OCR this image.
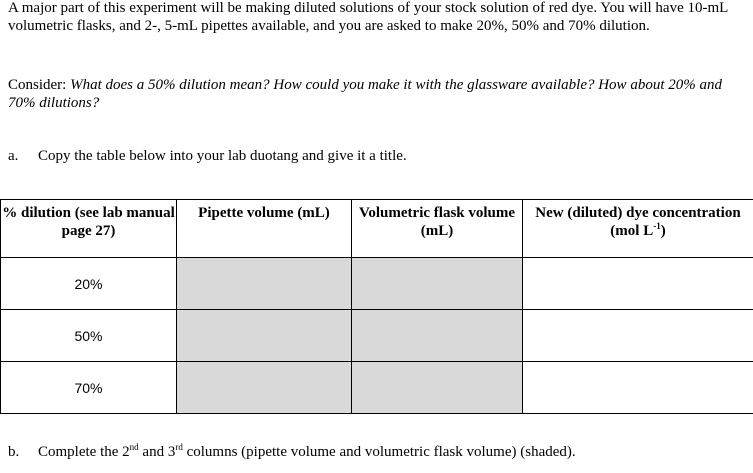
A major part of this experiment will be making diluted solutions of your stock solution of red dye. You will have 10-mL volumetric flasks, and 2-, 5-mL pipettes available, and you are asked to make 20%, 50% and 70% dilution.
Consider: What does a 50% dilution mean? How could you make it with the glassware available? How about 20% and 70% dilutions?
a. Copy the table below into your lab duotang and give it a title.
% dilution (see lab manual page 27)	Pipette volume (mL)	Volumetric flask volume (mL)	New (diluted) dye concentration (mol $L^{-1}$)
20%			
50%			
70%			
b. Complete the 2nd and 3rd columns (pipette volume and volumetric flask volume) (shaded).
